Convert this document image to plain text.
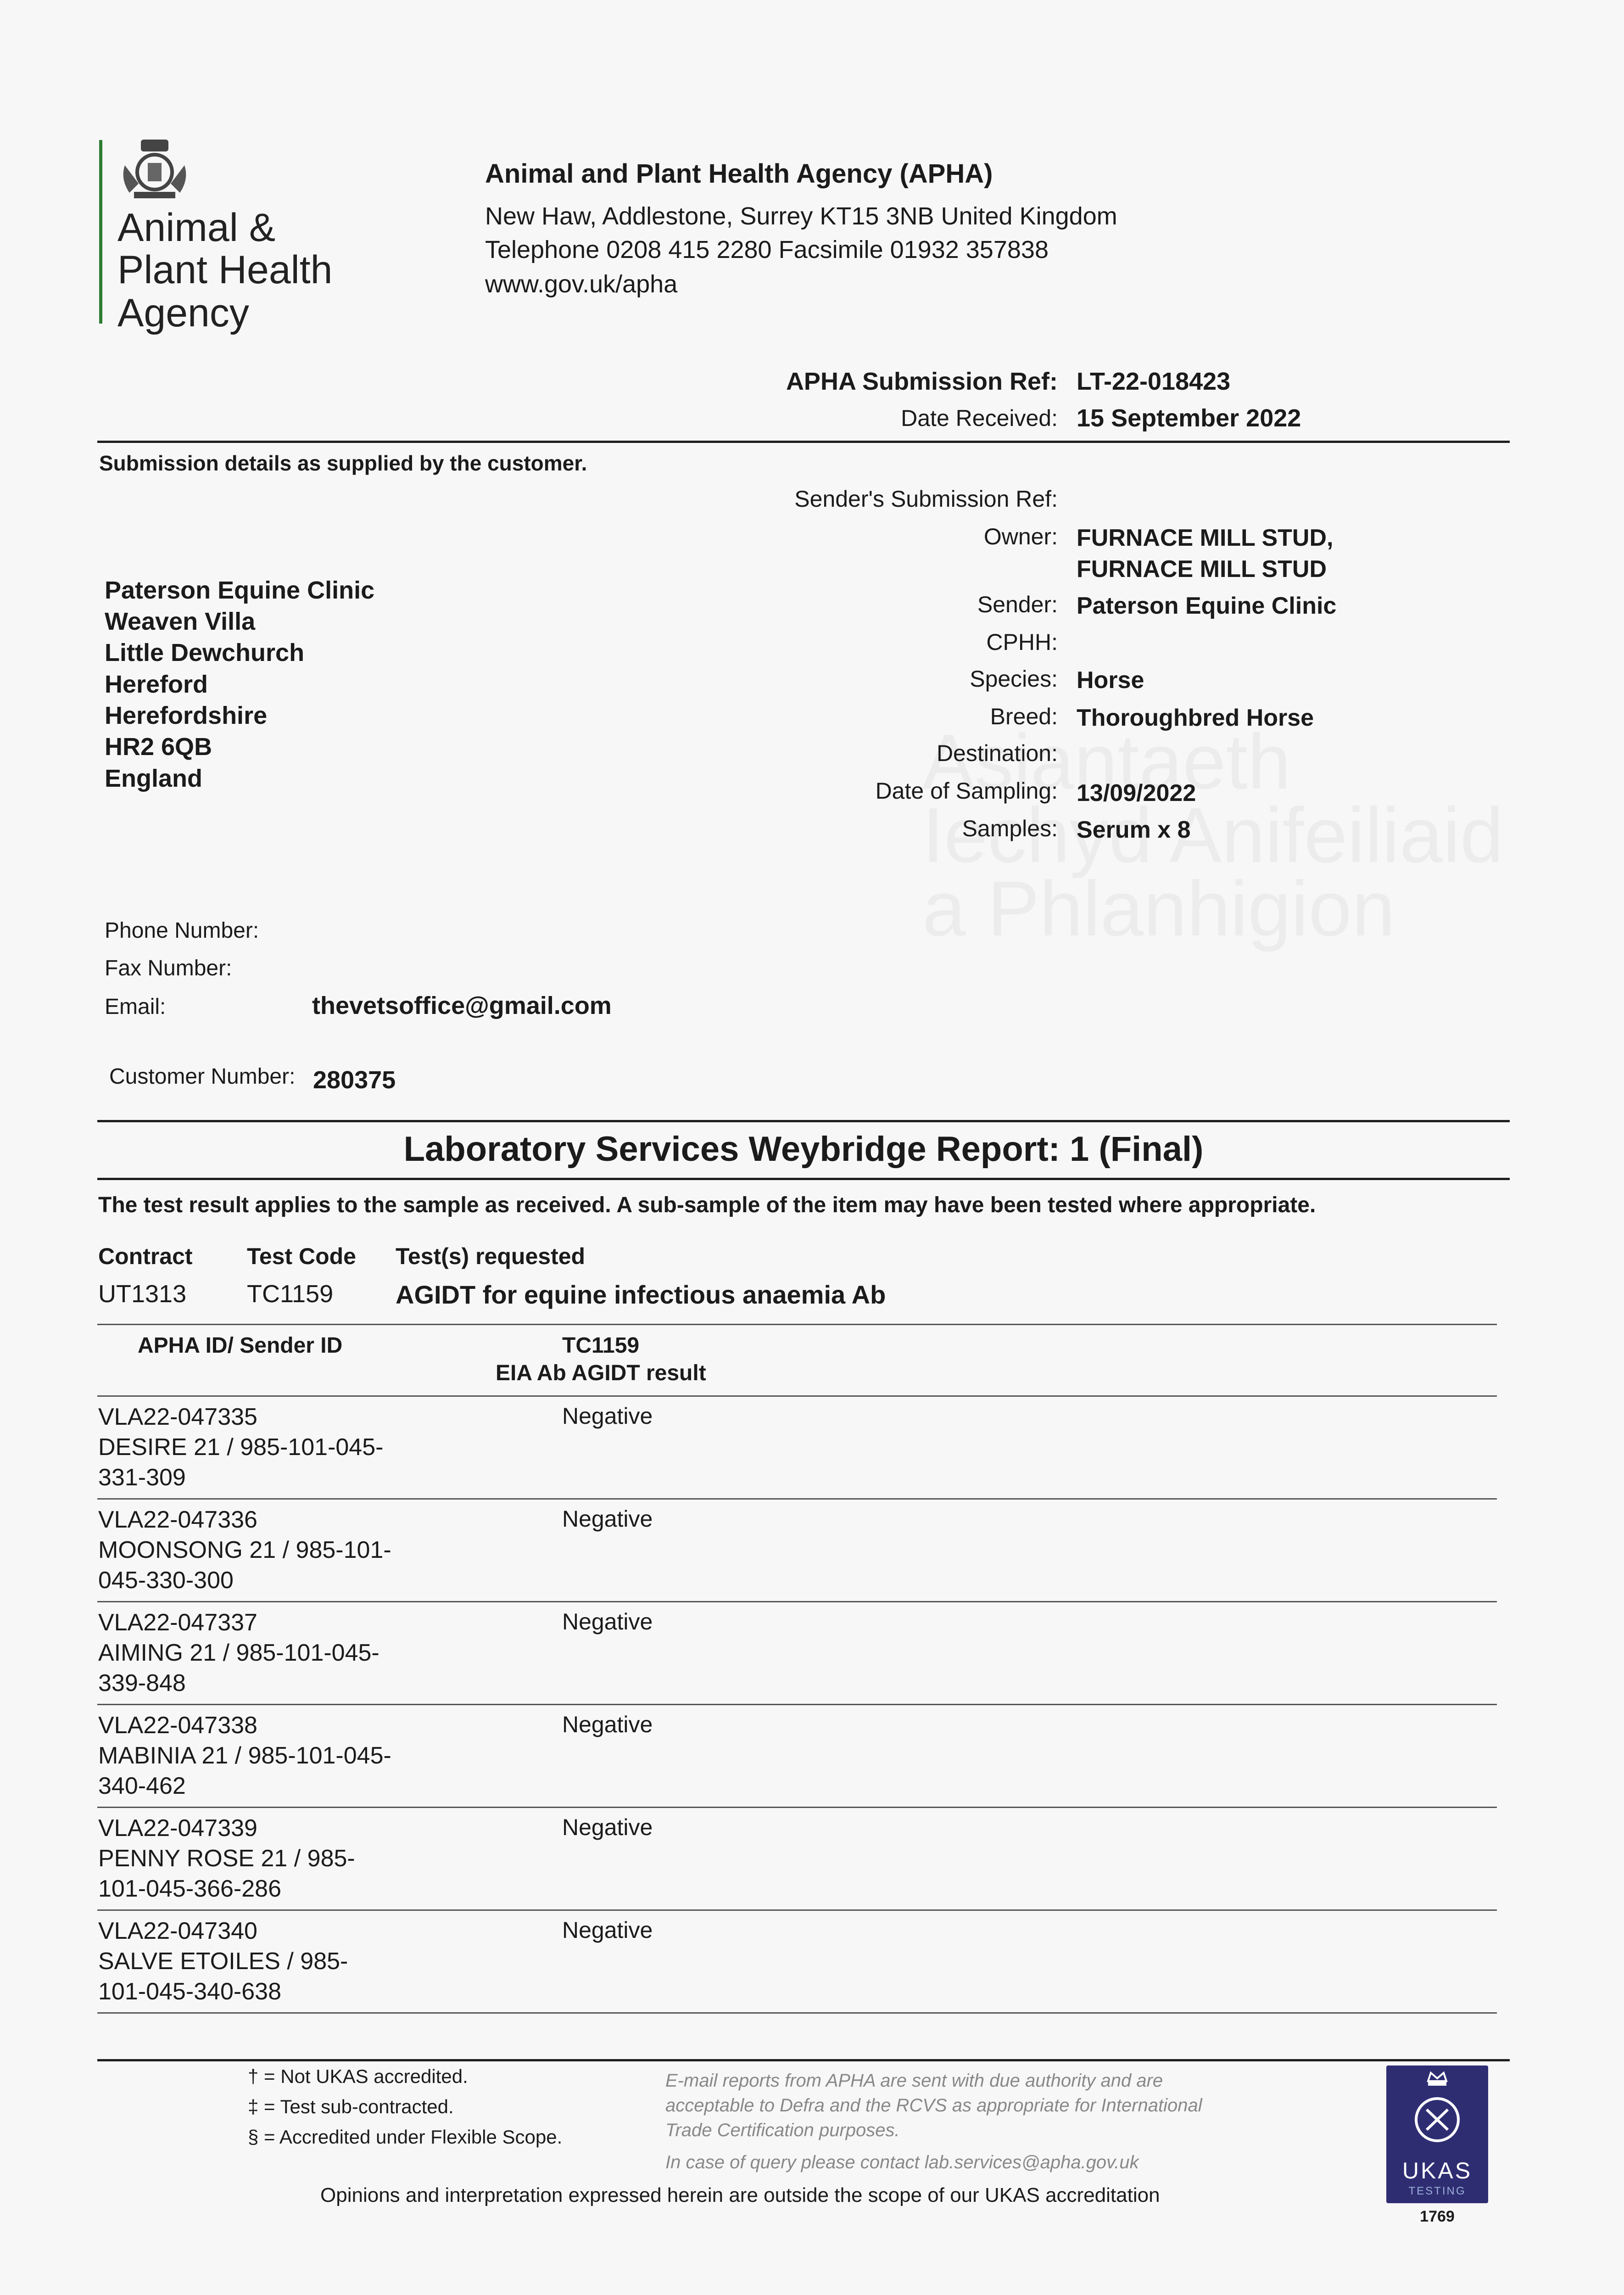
Animal &
Plant Health
Agency
Animal and Plant Health Agency (APHA)
New Haw, Addlestone, Surrey KT15 3NB United Kingdom
Telephone 0208 415 2280 Facsimile 01932 357838
www.gov.uk/apha
APHA Submission Ref: LT-22-018423
Date Received: 15 September 2022
Submission details as supplied by the customer.
Sender's Submission Ref:
Owner: FURNACE MILL STUD,
FURNACE MILL STUD
Sender: Paterson Equine Clinic
CPHH:
Species: Horse
Breed: Thoroughbred Horse
Destination:
Date of Sampling: 13/09/2022
Samples: Serum x 8
Paterson Equine Clinic
Weaven Villa
Little Dewchurch
Hereford
Herefordshire
HR2 6QB
England
Phone Number:
Fax Number:
Email:	thevetsoffice@gmail.com
Customer Number: 280375
Laboratory Services Weybridge Report: 1 (Final)
The test result applies to the sample as received. A sub-sample of the item may have been tested where appropriate.
Contract Test Code Test(s) requested
UT1313 TC1159 AGIDT for equine infectious anaemia Ab
APHA ID/ Sender ID	TC1159
EIA Ab AGIDT result
VLA22-047335
DESIRE 21 / 985-101-045-
331-309
Negative
VLA22-047336
MOONSONG 21 / 985-101-
045-330-300
Negative
VLA22-047337
AIMING 21 / 985-101-045-
339-848
Negative
VLA22-047338
MABINIA 21 / 985-101-045-
340-462
Negative
VLA22-047339
PENNY ROSE 21 / 985-
101-045-366-286
Negative
VLA22-047340
SALVE ETOILES / 985-
101-045-340-638
Negative
† = Not UKAS accredited.
‡ = Test sub-contracted.
§ = Accredited under Flexible Scope.
E-mail reports from APHA are sent with due authority and are
acceptable to Defra and the RCVS as appropriate for International
Trade Certification purposes.
In case of query please contact lab.services@apha.gov.uk
Opinions and interpretation expressed herein are outside the scope of our UKAS accreditation
UKAS
TESTING
1769
